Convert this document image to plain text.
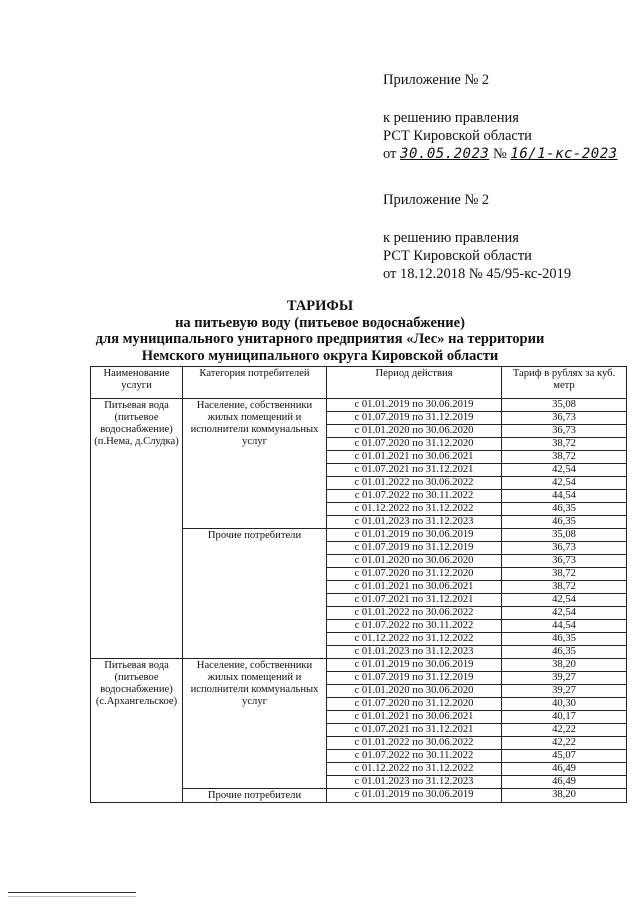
Приложение № 2
к решению правления
РСТ Кировской области
от 30.05.2023 № 16/1-кс-2023
Приложение № 2
к решению правления
РСТ Кировской области
от 18.12.2018 № 45/95-кс-2019
ТАРИФЫ
на питьевую воду (питьевое водоснабжение)
для муниципального унитарного предприятия «Лес» на территории
Немского муниципального округа Кировской области
Наименование услуги	Категория потребителей	Период действия	Тариф в рублях за куб. метр
Питьевая вода (питьевое водоснабжение) (п.Нема, д.Слудка)	Население, собственники жилых помещений и исполнители коммунальных услуг	с 01.01.2019 по 30.06.2019	35,08
		с 01.07.2019 по 31.12.2019	36,73
		с 01.01.2020 по 30.06.2020	36,73
		с 01.07.2020 по 31.12.2020	38,72
		с 01.01.2021 по 30.06.2021	38,72
		с 01.07.2021 по 31.12.2021	42,54
		с 01.01.2022 по 30.06.2022	42,54
		с 01.07.2022 по 30.11.2022	44,54
		с 01.12.2022 по 31.12.2022	46,35
		с 01.01.2023 по 31.12.2023	46,35
	Прочие потребители	с 01.01.2019 по 30.06.2019	35,08
		с 01.07.2019 по 31.12.2019	36,73
		с 01.01.2020 по 30.06.2020	36,73
		с 01.07.2020 по 31.12.2020	38,72
		с 01.01.2021 по 30.06.2021	38,72
		с 01.07.2021 по 31.12.2021	42,54
		с 01.01.2022 по 30.06.2022	42,54
		с 01.07.2022 по 30.11.2022	44,54
		с 01.12.2022 по 31.12.2022	46,35
		с 01.01.2023 по 31.12.2023	46,35
Питьевая вода (питьевое водоснабжение) (с.Архангельское)	Население, собственники жилых помещений и исполнители коммунальных услуг	с 01.01.2019 по 30.06.2019	38,20
		с 01.07.2019 по 31.12.2019	39,27
		с 01.01.2020 по 30.06.2020	39,27
		с 01.07.2020 по 31.12.2020	40,30
		с 01.01.2021 по 30.06.2021	40,17
		с 01.07.2021 по 31.12.2021	42,22
		с 01.01.2022 по 30.06.2022	42,22
		с 01.07.2022 по 30.11.2022	45,07
		с 01.12.2022 по 31.12.2022	46,49
		с 01.01.2023 по 31.12.2023	46,49
	Прочие потребители	с 01.01.2019 по 30.06.2019	38,20
